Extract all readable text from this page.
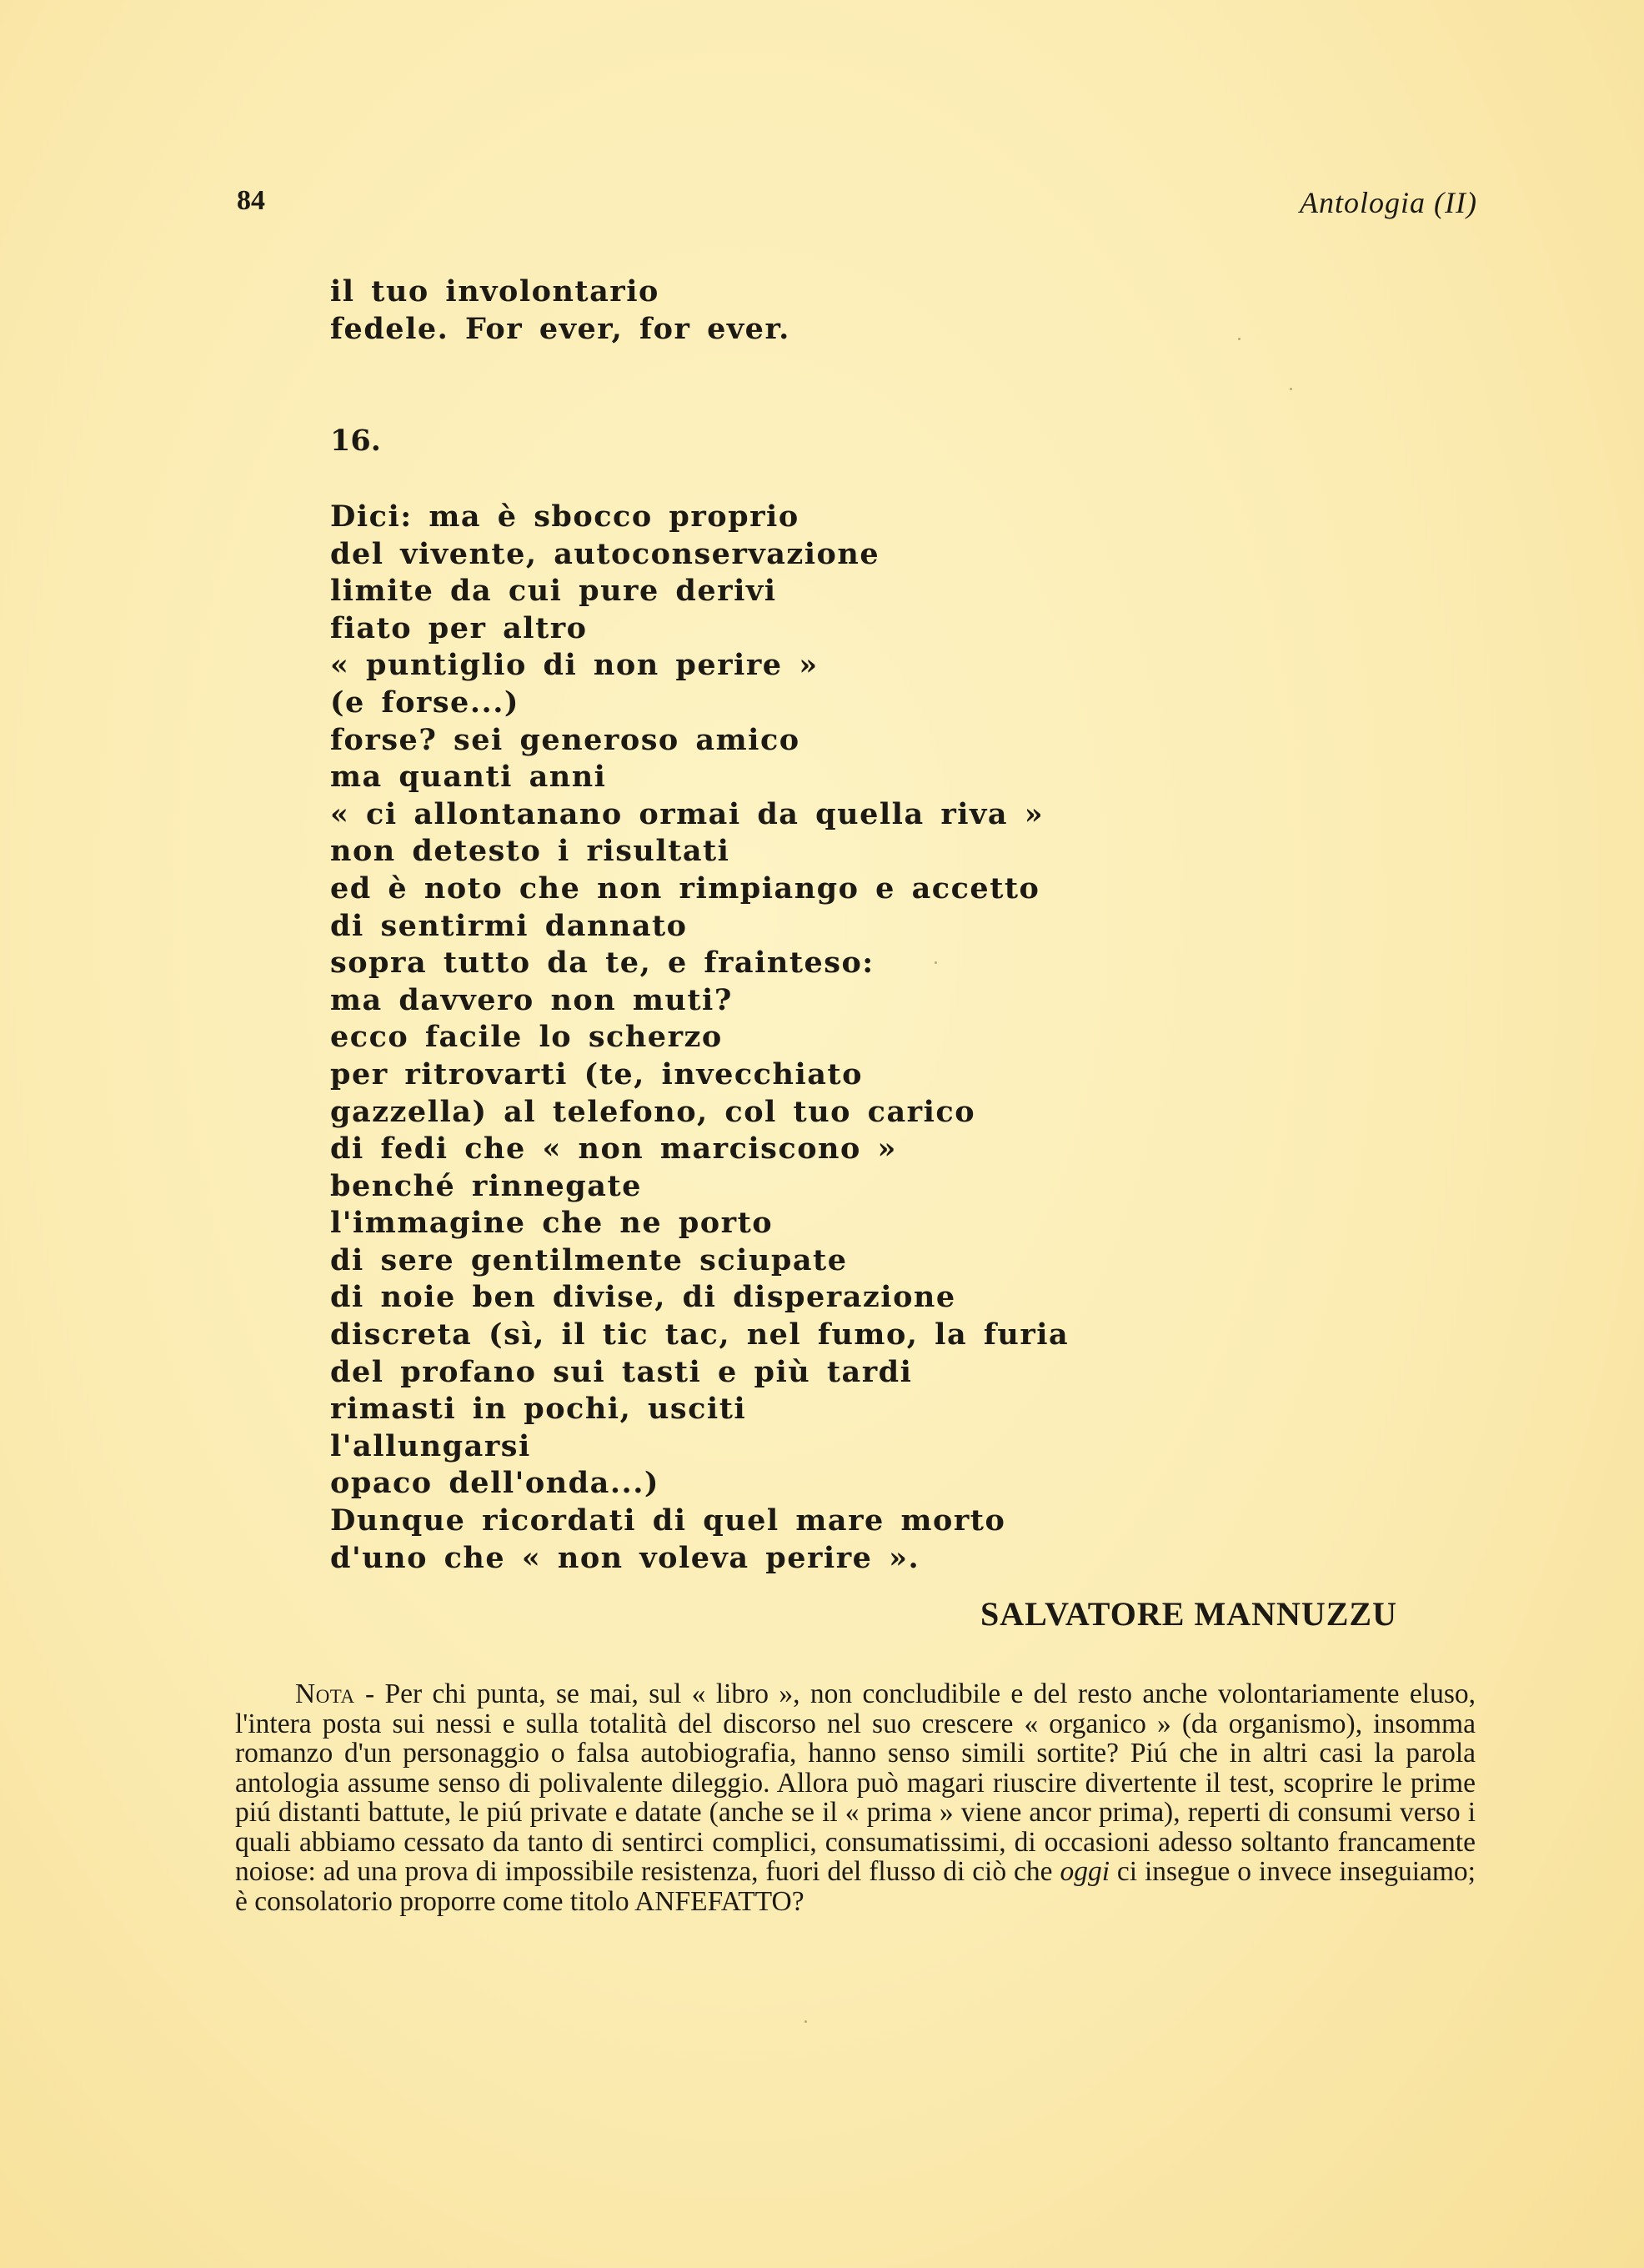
84	Antologia (II)
il tuo involontario
fedele. For ever, for ever.
16.
Dici: ma è sbocco proprio
del vivente, autoconservazione
limite da cui pure derivi
fiato per altro
« puntiglio di non perire »
(e forse...)
forse? sei generoso amico
ma quanti anni
« ci allontanano ormai da quella riva »
non detesto i risultati
ed è noto che non rimpiango e accetto
di sentirmi dannato
sopra tutto da te, e frainteso:
ma davvero non muti?
ecco facile lo scherzo
per ritrovarti (te, invecchiato
gazzella) al telefono, col tuo carico
di fedi che « non marciscono »
benché rinnegate
l'immagine che ne porto
di sere gentilmente sciupate
di noie ben divise, di disperazione
discreta (sì, il tic tac, nel fumo, la furia
del profano sui tasti e più tardi
rimasti in pochi, usciti
l'allungarsi
opaco dell'onda...)
Dunque ricordati di quel mare morto
d'uno che « non voleva perire ».
SALVATORE MANNUZZU
Nota - Per chi punta, se mai, sul « libro », non concludibile e del resto anche volontariamente eluso, l'intera posta sui nessi e sulla totalità del discorso nel suo crescere « organico » (da organismo), insomma romanzo d'un personaggio o falsa autobiografia, hanno senso simili sortite? Piú che in altri casi la parola antologia assume senso di polivalente dileggio. Allora può magari riuscire divertente il test, scoprire le prime piú distanti battute, le piú private e datate (anche se il « prima » viene ancor prima), reperti di consumi verso i quali abbiamo cessato da tanto di sentirci complici, consumatissimi, di occasioni adesso soltanto francamente noiose: ad una prova di impossibile resistenza, fuori del flusso di ciò che oggi ci insegue o invece inseguiamo; è consolatorio proporre come titolo ANFEFATTO?
